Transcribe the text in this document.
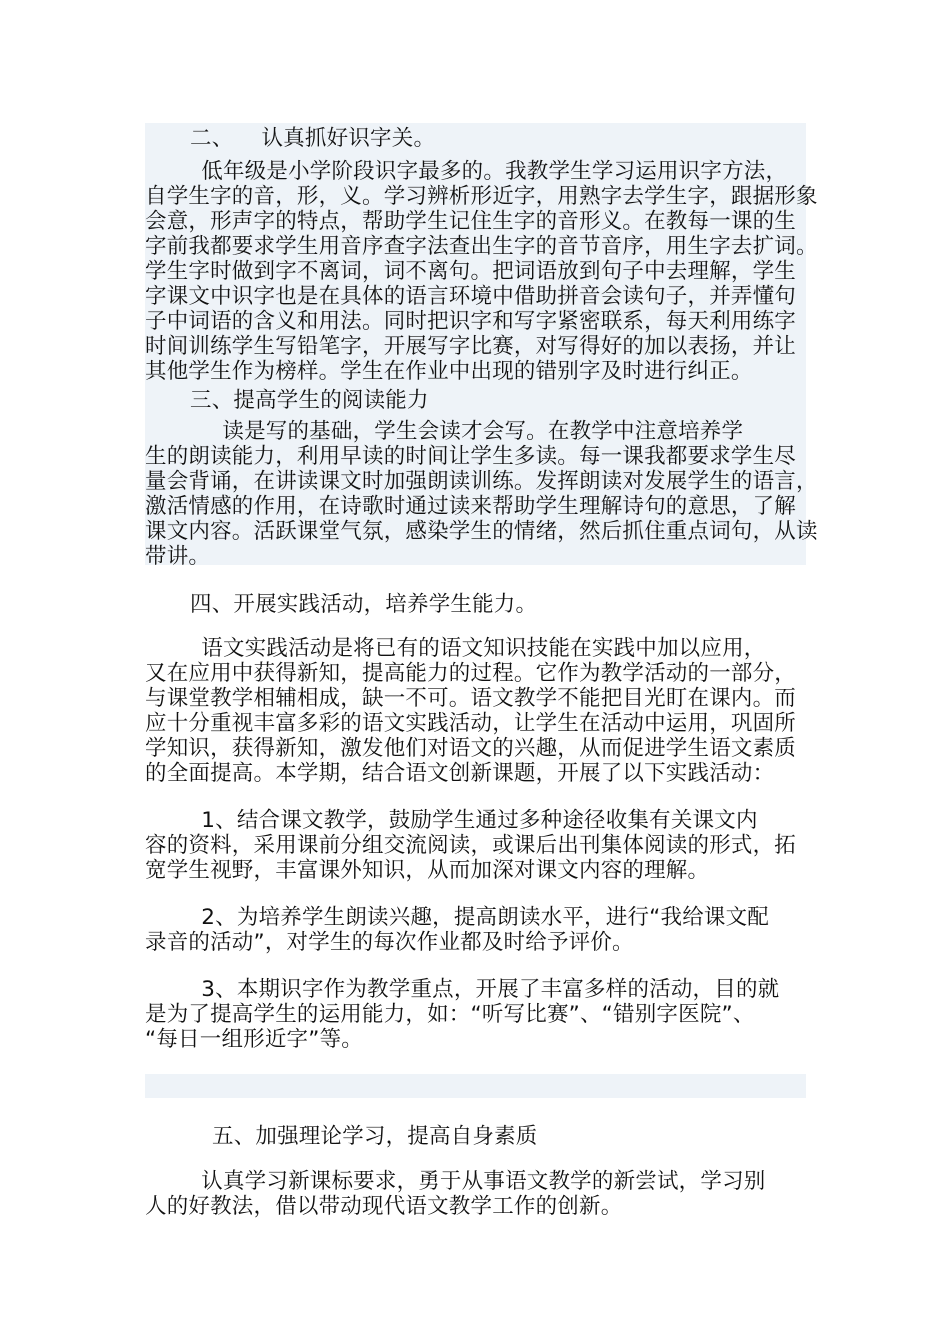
二、    认真抓好识字关。
低年级是小学阶段识字最多的。我教学生学习运用识字方法，
自学生字的音，形，义。学习辨析形近字，用熟字去学生字，跟据形象
会意，形声字的特点，帮助学生记住生字的音形义。在教每一课的生
字前我都要求学生用音序查字法查出生字的音节音序，用生字去扩词。
学生字时做到字不离词，词不离句。把词语放到句子中去理解，学生
字课文中识字也是在具体的语言环境中借助拼音会读句子，并弄懂句
子中词语的含义和用法。同时把识字和写字紧密联系，每天利用练字
时间训练学生写铅笔字，开展写字比赛，对写得好的加以表扬，并让
其他学生作为榜样。学生在作业中出现的错别字及时进行纠正。
三、提高学生的阅读能力
读是写的基础，学生会读才会写。在教学中注意培养学
生的朗读能力，利用早读的时间让学生多读。每一课我都要求学生尽
量会背诵，在讲读课文时加强朗读训练。发挥朗读对发展学生的语言，
激活情感的作用，在诗歌时通过读来帮助学生理解诗句的意思，了解
课文内容。活跃课堂气氛，感染学生的情绪，然后抓住重点词句，从读
带讲。
四、开展实践活动，培养学生能力。
语文实践活动是将已有的语文知识技能在实践中加以应用，
又在应用中获得新知，提高能力的过程。它作为教学活动的一部分，
与课堂教学相辅相成，缺一不可。语文教学不能把目光盯在课内。而
应十分重视丰富多彩的语文实践活动，让学生在活动中运用，巩固所
学知识，获得新知，激发他们对语文的兴趣，从而促进学生语文素质
的全面提高。本学期，结合语文创新课题，开展了以下实践活动：
1、结合课文教学，鼓励学生通过多种途径收集有关课文内
容的资料，采用课前分组交流阅读，或课后出刊集体阅读的形式，拓
宽学生视野，丰富课外知识，从而加深对课文内容的理解。
2、为培养学生朗读兴趣，提高朗读水平，进行“我给课文配
录音的活动”，对学生的每次作业都及时给予评价。
3、本期识字作为教学重点，开展了丰富多样的活动，目的就
是为了提高学生的运用能力，如：“听写比赛”、“错别字医院”、
“每日一组形近字”等。
五、加强理论学习，提高自身素质
认真学习新课标要求，勇于从事语文教学的新尝试，学习别
人的好教法，借以带动现代语文教学工作的创新。
